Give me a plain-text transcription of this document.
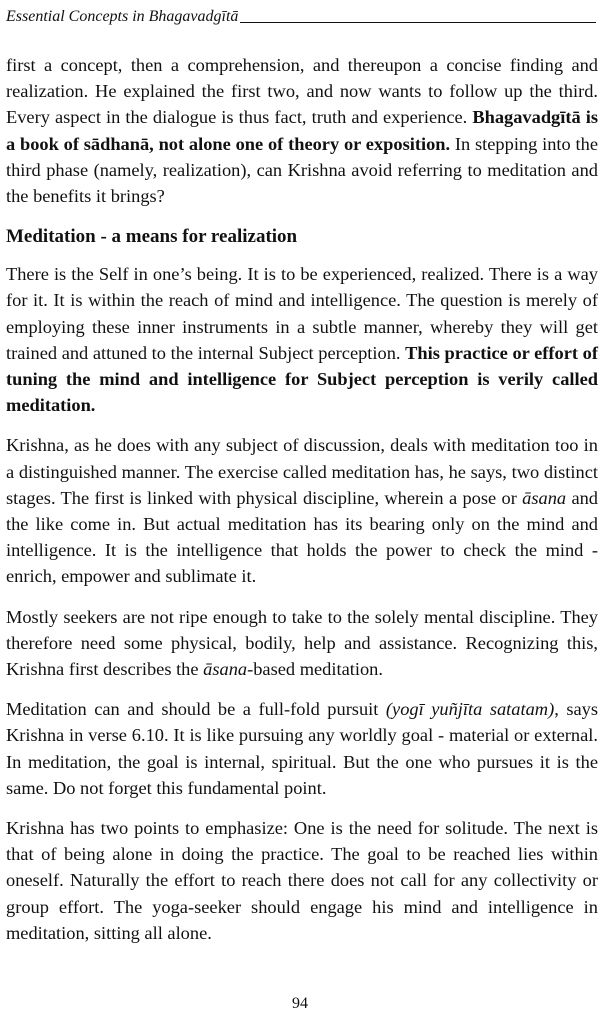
Essential Concepts in Bhagavadgītā

first a concept, then a comprehension, and thereupon a concise finding and realization. He explained the first two, and now wants to follow up the third. Every aspect in the dialogue is thus fact, truth and experience. Bhagavadgītā is a book of sādhanā, not alone one of theory or exposition. In stepping into the third phase (namely, realization), can Krishna avoid referring to meditation and the benefits it brings?

Meditation - a means for realization

There is the Self in one’s being. It is to be experienced, realized. There is a way for it. It is within the reach of mind and intelligence. The question is merely of employing these inner instruments in a subtle manner, whereby they will get trained and attuned to the internal Subject perception. This practice or effort of tuning the mind and intelligence for Subject perception is verily called meditation.

Krishna, as he does with any subject of discussion, deals with meditation too in a distinguished manner. The exercise called meditation has, he says, two distinct stages. The first is linked with physical discipline, wherein a pose or āsana and the like come in. But actual meditation has its bearing only on the mind and intelligence. It is the intelligence that holds the power to check the mind - enrich, empower and sublimate it.

Mostly seekers are not ripe enough to take to the solely mental discipline. They therefore need some physical, bodily, help and assistance. Recognizing this, Krishna first describes the āsana-based meditation.

Meditation can and should be a full-fold pursuit (yogī yuñjīta satatam), says Krishna in verse 6.10. It is like pursuing any worldly goal - material or external. In meditation, the goal is internal, spiritual. But the one who pursues it is the same. Do not forget this fundamental point.

Krishna has two points to emphasize: One is the need for solitude. The next is that of being alone in doing the practice. The goal to be reached lies within oneself. Naturally the effort to reach there does not call for any collectivity or group effort. The yoga-seeker should engage his mind and intelligence in meditation, sitting all alone.

94
